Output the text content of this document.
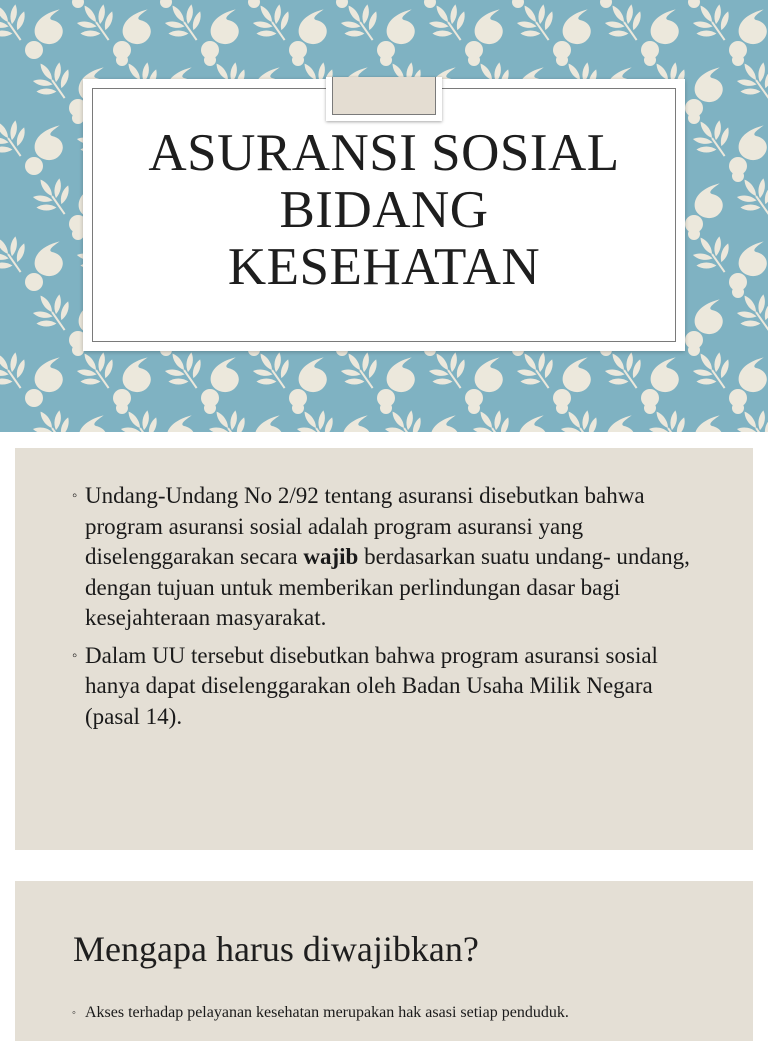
ASURANSI SOSIAL
BIDANG
KESEHATAN
◦ Undang-Undang No 2/92 tentang asuransi disebutkan bahwa program asuransi sosial adalah program asuransi yang diselenggarakan secara wajib berdasarkan suatu undang- undang, dengan tujuan untuk memberikan perlindungan dasar bagi kesejahteraan masyarakat.
◦ Dalam UU tersebut disebutkan bahwa program asuransi sosial hanya dapat diselenggarakan oleh Badan Usaha Milik Negara (pasal 14).
Mengapa harus diwajibkan?
◦ Akses terhadap pelayanan kesehatan merupakan hak asasi setiap penduduk.
